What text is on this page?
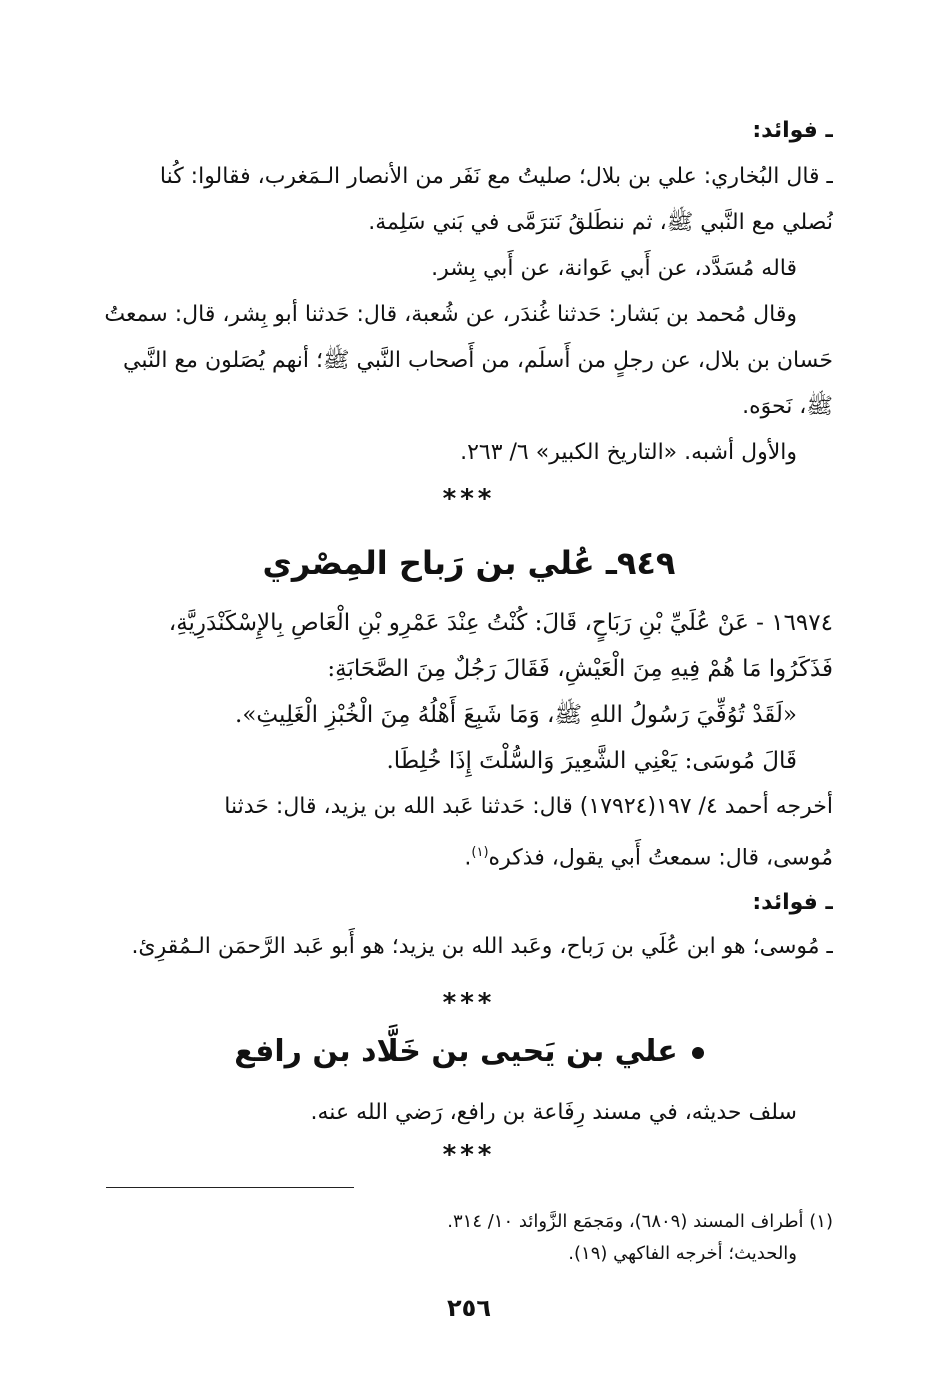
ـ فوائد:

ـ قال البُخاري: علي بن بلال؛ صليتُ مع نَفَر من الأنصار الـمَغرب، فقالوا: كُنا

نُصلي مع النَّبي ﷺ، ثم ننطَلقُ نَترَمَّى في بَني سَلِمة.

قاله مُسَدَّد، عن أَبي عَوانة، عن أَبي بِشر.

وقال مُحمد بن بَشار: حَدثنا غُندَر، عن شُعبة، قال: حَدثنا أبو بِشر، قال: سمعتُ

حَسان بن بلال، عن رجلٍ من أَسلَم، من أَصحاب النَّبي ﷺ؛ أنهم يُصَلون مع النَّبي

ﷺ، نَحوَه.

والأول أشبه. «التاريخ الكبير» ٦/ ٢٦٣.

***
٩٤٩ـ عُلي بن رَباح المِصْري

١٦٩٧٤ - عَنْ عُلَيِّ بْنِ رَبَاحٍ، قَالَ: كُنْتُ عِنْدَ عَمْرِو بْنِ الْعَاصِ بِالإِسْكَنْدَرِيَّةِ،

فَذَكَرُوا مَا هُمْ فِيهِ مِنَ الْعَيْشِ، فَقَالَ رَجُلٌ مِنَ الصَّحَابَةِ:

«لَقَدْ تُوُفِّيَ رَسُولُ اللهِ ﷺ، وَمَا شَبِعَ أَهْلُهُ مِنَ الْخُبْزِ الْغَلِيثِ».

قَالَ مُوسَى: يَعْنِي الشَّعِيرَ وَالسُّلْتَ إِذَا خُلِطَا.

أخرجه أحمد ٤/ ١٩٧(١٧٩٢٤) قال: حَدثنا عَبد الله بن يزيد، قال: حَدثنا

مُوسى، قال: سمعتُ أَبي يقول، فذكره$^{(١)}$.

ـ فوائد:

ـ مُوسى؛ هو ابن عُلَي بن رَباح، وعَبد الله بن يزيد؛ هو أَبو عَبد الرَّحمَن الـمُقرِئ.

***
علي بن يَحيى بن خَلَّاد بن رافع

سلف حديثه، في مسند رِفَاعة بن رافع، رَضي الله عنه.

***

(١) أطراف المسند (٦٨٠٩)، ومَجمَع الزَّوائد ١٠/ ٣١٤.

والحديث؛ أخرجه الفاكهي (١٩).

٢٥٦
